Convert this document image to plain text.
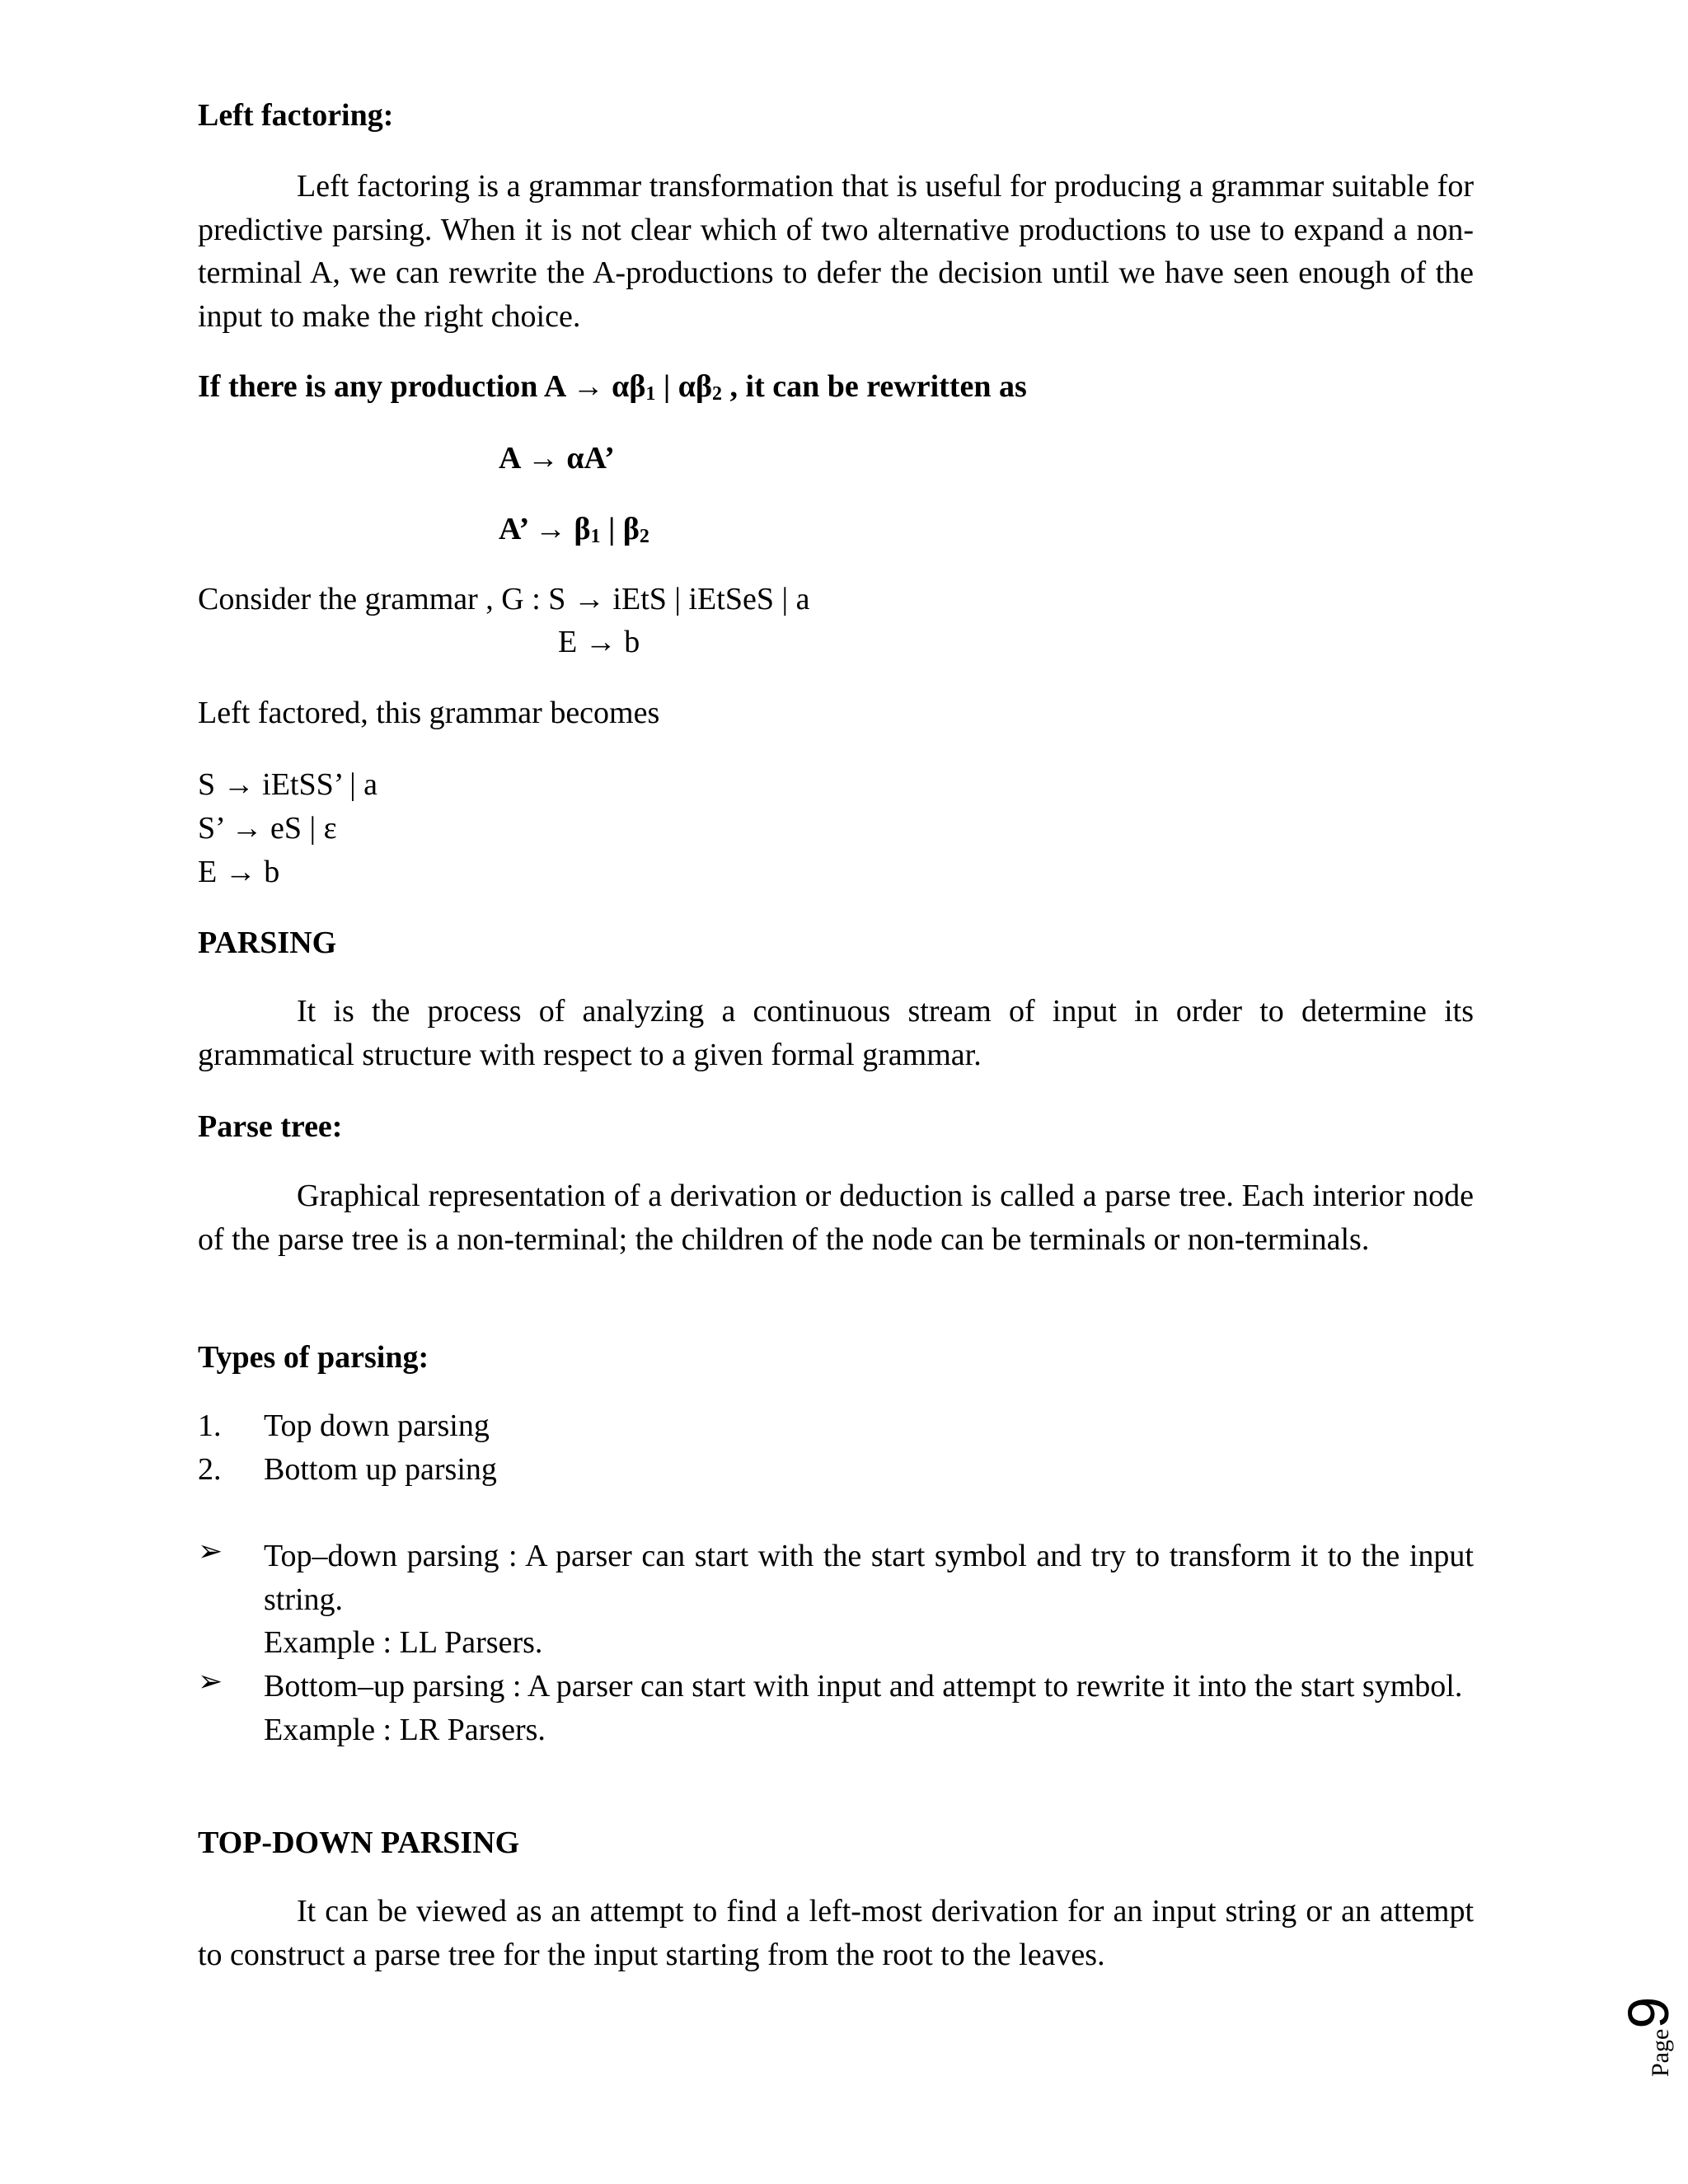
Left factoring:
Left factoring is a grammar transformation that is useful for producing a grammar suitable for predictive parsing. When it is not clear which of two alternative productions to use to expand a non-terminal A, we can rewrite the A-productions to defer the decision until we have seen enough of the input to make the right choice.
If there is any production $A \to \alpha\beta_1$ | $\alpha\beta_2$ , it can be rewritten as
A → αA’
A’ → $\beta_1$ | $\beta_2$
Consider the grammar , G : S → iEtS | iEtSeS | a
E → b
Left factored, this grammar becomes
S → iEtSS’ | a
S’ → eS | ε
E → b
PARSING
It is the process of analyzing a continuous stream of input in order to determine its grammatical structure with respect to a given formal grammar.
Parse tree:
Graphical representation of a derivation or deduction is called a parse tree. Each interior node of the parse tree is a non-terminal; the children of the node can be terminals or non-terminals.
Types of parsing:
1. Top down parsing
2. Bottom up parsing
➢ Top–down parsing : A parser can start with the start symbol and try to transform it to the input string.
Example : LL Parsers.
➢ Bottom–up parsing : A parser can start with input and attempt to rewrite it into the start symbol.
Example : LR Parsers.
TOP-DOWN PARSING
It can be viewed as an attempt to find a left-most derivation for an input string or an attempt to construct a parse tree for the input starting from the root to the leaves.
Page9
